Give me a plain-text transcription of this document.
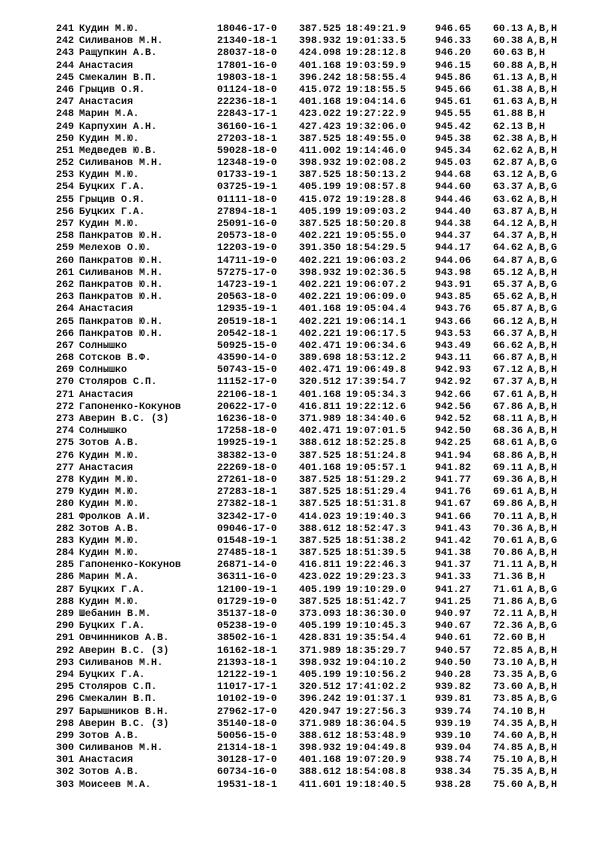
241 Кудин М.Ю.	18046-17-0 387.525 18:49:21.9	946.65	60.13 A,B,H
242 Силиванов М.Н.	21340-18-1 398.932 19:01:33.5	946.33	60.38 A,B,H
243 Ращупкин А.В.	28037-18-0 424.098 19:28:12.8	946.20	60.63 B,H
244 Анастасия	17801-16-0 401.168 19:03:59.9	946.15	60.88 A,B,H
245 Смекалин В.П.	19803-18-1 396.242 18:58:55.4	945.86	61.13 A,B,H
246 Грыцив О.Я.	01124-18-0 415.072 19:18:55.5	945.66	61.38 A,B,H
247 Анастасия	22236-18-1 401.168 19:04:14.6	945.61	61.63 A,B,H
248 Марин М.А.	22843-17-1 423.022 19:27:22.9	945.55	61.88 B,H
249 Карпухин А.Н.	36160-16-1 427.423 19:32:06.0	945.42	62.13 B,H
250 Кудин М.Ю.	27203-18-1 387.525 18:49:55.0	945.38	62.38 A,B,H
251 Медведев Ю.В.	59028-18-0 411.002 19:14:46.0	945.34	62.62 A,B,H
252 Силиванов М.Н.	12348-19-0 398.932 19:02:08.2	945.03	62.87 A,B,G
253 Кудин М.Ю.	01733-19-1 387.525 18:50:13.2	944.68	63.12 A,B,G
254 Буцких Г.А.	03725-19-1 405.199 19:08:57.8	944.60	63.37 A,B,G
255 Грыцив О.Я.	01111-18-0 415.072 19:19:28.8	944.46	63.62 A,B,H
256 Буцких Г.А.	27894-18-1 405.199 19:09:03.2	944.40	63.87 A,B,H
257 Кудин М.Ю.	25091-16-0 387.525 18:50:20.8	944.38	64.12 A,B,H
258 Панкратов Ю.Н.	20573-18-0 402.221 19:05:55.0	944.37	64.37 A,B,H
259 Мелехов О.Ю.	12203-19-0 391.350 18:54:29.5	944.17	64.62 A,B,G
260 Панкратов Ю.Н.	14711-19-0 402.221 19:06:03.2	944.06	64.87 A,B,G
261 Силиванов М.Н.	57275-17-0 398.932 19:02:36.5	943.98	65.12 A,B,H
262 Панкратов Ю.Н.	14723-19-1 402.221 19:06:07.2	943.91	65.37 A,B,G
263 Панкратов Ю.Н.	20563-18-0 402.221 19:06:09.0	943.85	65.62 A,B,H
264 Анастасия	12935-19-1 401.168 19:05:04.4	943.76	65.87 A,B,G
265 Панкратов Ю.Н.	20519-18-1 402.221 19:06:14.1	943.66	66.12 A,B,H
266 Панкратов Ю.Н.	20542-18-1 402.221 19:06:17.5	943.53	66.37 A,B,H
267 Солнышко	50925-15-0 402.471 19:06:34.6	943.49	66.62 A,B,H
268 Сотсков В.Ф.	43590-14-0 389.698 18:53:12.2	943.11	66.87 A,B,H
269 Солнышко	50743-15-0 402.471 19:06:49.8	942.93	67.12 A,B,H
270 Столяров С.П.	11152-17-0 320.512 17:39:54.7	942.92	67.37 A,B,H
271 Анастасия	22106-18-1 401.168 19:05:34.3	942.66	67.61 A,B,H
272 Гапоненко-Кокунов	20622-17-0 416.811 19:22:12.6	942.56	67.86 A,B,H
273 Аверин В.С. (З)	16236-18-0 371.989 18:34:40.6	942.52	68.11 A,B,H
274 Солнышко	17258-18-0 402.471 19:07:01.5	942.50	68.36 A,B,H
275 Зотов А.В.	19925-19-1 388.612 18:52:25.8	942.25	68.61 A,B,G
276 Кудин М.Ю.	38382-13-0 387.525 18:51:24.8	941.94	68.86 A,B,H
277 Анастасия	22269-18-0 401.168 19:05:57.1	941.82	69.11 A,B,H
278 Кудин М.Ю.	27261-18-0 387.525 18:51:29.2	941.77	69.36 A,B,H
279 Кудин М.Ю.	27283-18-1 387.525 18:51:29.4	941.76	69.61 A,B,H
280 Кудин М.Ю.	27382-18-1 387.525 18:51:31.8	941.67	69.86 A,B,H
281 Фролков А.И.	32342-17-0 414.023 19:19:40.3	941.66	70.11 A,B,H
282 Зотов А.В.	09046-17-0 388.612 18:52:47.3	941.43	70.36 A,B,H
283 Кудин М.Ю.	01548-19-1 387.525 18:51:38.2	941.42	70.61 A,B,G
284 Кудин М.Ю.	27485-18-1 387.525 18:51:39.5	941.38	70.86 A,B,H
285 Гапоненко-Кокунов	26871-14-0 416.811 19:22:46.3	941.37	71.11 A,B,H
286 Марин М.А.	36311-16-0 423.022 19:29:23.3	941.33	71.36 B,H
287 Буцких Г.А.	12100-19-1 405.199 19:10:29.0	941.27	71.61 A,B,G
288 Кудин М.Ю.	01729-19-0 387.525 18:51:42.7	941.25	71.86 A,B,G
289 Шебанин В.М.	35137-18-0 373.093 18:36:30.0	940.97	72.11 A,B,H
290 Буцких Г.А.	05238-19-0 405.199 19:10:45.3	940.67	72.36 A,B,G
291 Овчинников А.В.	38502-16-1 428.831 19:35:54.4	940.61	72.60 B,H
292 Аверин В.С. (З)	16162-18-1 371.989 18:35:29.7	940.57	72.85 A,B,H
293 Силиванов М.Н.	21393-18-1 398.932 19:04:10.2	940.50	73.10 A,B,H
294 Буцких Г.А.	12122-19-1 405.199 19:10:56.2	940.28	73.35 A,B,G
295 Столяров С.П.	11017-17-1 320.512 17:41:02.2	939.82	73.60 A,B,H
296 Смекалин В.П.	10102-19-0 396.242 19:01:37.1	939.81	73.85 A,B,G
297 Барышников В.Н.	27962-17-0 420.947 19:27:56.3	939.74	74.10 B,H
298 Аверин В.С. (З)	35140-18-0 371.989 18:36:04.5	939.19	74.35 A,B,H
299 Зотов А.В.	50056-15-0 388.612 18:53:48.9	939.10	74.60 A,B,H
300 Силиванов М.Н.	21314-18-1 398.932 19:04:49.8	939.04	74.85 A,B,H
301 Анастасия	30128-17-0 401.168 19:07:20.9	938.74	75.10 A,B,H
302 Зотов А.В.	60734-16-0 388.612 18:54:08.8	938.34	75.35 A,B,H
303 Моисеев М.А.	19531-18-1 411.601 19:18:40.5	938.28	75.60 A,B,H
